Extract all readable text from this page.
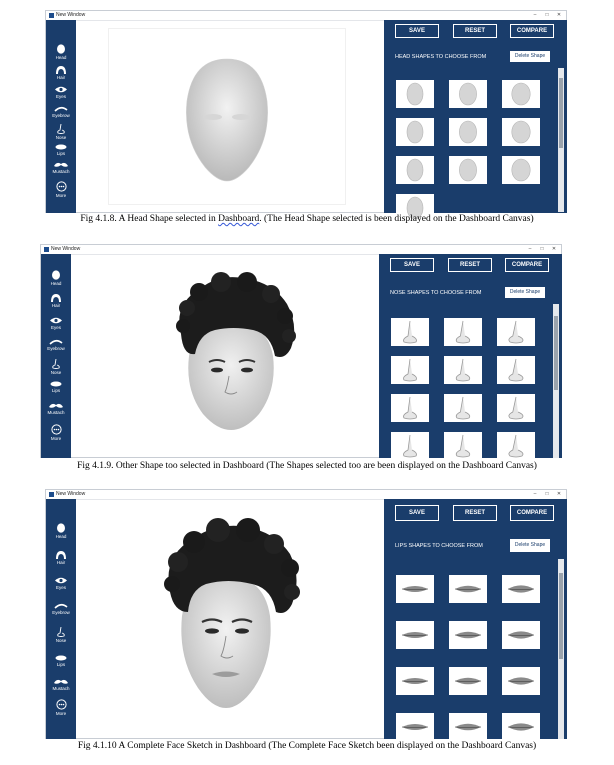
New Window	–	□	✕
Head
Hair
Eyes
Eyebrow
Nose
Lips
Mustach
More
SAVE	RESET	COMPARE
HEAD SHAPES TO CHOOSE FROM	Delete Shape
Fig 4.1.8. A Head Shape selected in Dashboard. (The Head Shape selected is been displayed on the Dashboard Canvas)
New Window	–	□	✕
Head
Hair
Eyes
Eyebrow
Nose
Lips
Mustach
More
SAVE	RESET	COMPARE
NOSE SHAPES TO CHOOSE FROM	Delete Shape
Fig 4.1.9. Other Shape too selected in Dashboard (The Shapes selected too are been displayed on the Dashboard Canvas)
New Window	–	□	✕
Head
Hair
Eyes
Eyebrow
Nose
Lips
Mustach
More
SAVE	RESET	COMPARE
LIPS SHAPES TO CHOOSE FROM	Delete Shape
Fig 4.1.10 A Complete Face Sketch in Dashboard (The Complete Face Sketch been displayed on the Dashboard Canvas)
